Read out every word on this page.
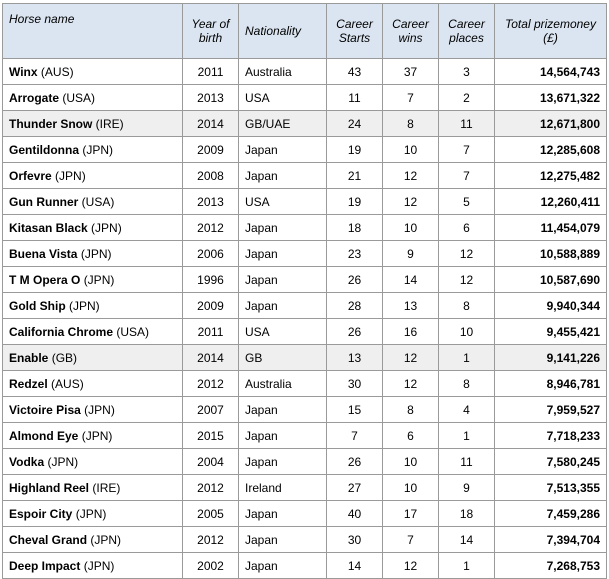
Horse name	Year of birth	Nationality	Career Starts	Career wins	Career places	Total prizemoney (£)
Winx (AUS)	2011	Australia	43	37	3	14,564,743
Arrogate (USA)	2013	USA	11	7	2	13,671,322
Thunder Snow (IRE)	2014	GB/UAE	24	8	11	12,671,800
Gentildonna (JPN)	2009	Japan	19	10	7	12,285,608
Orfevre (JPN)	2008	Japan	21	12	7	12,275,482
Gun Runner (USA)	2013	USA	19	12	5	12,260,411
Kitasan Black (JPN)	2012	Japan	18	10	6	11,454,079
Buena Vista (JPN)	2006	Japan	23	9	12	10,588,889
T M Opera O (JPN)	1996	Japan	26	14	12	10,587,690
Gold Ship (JPN)	2009	Japan	28	13	8	9,940,344
California Chrome (USA)	2011	USA	26	16	10	9,455,421
Enable (GB)	2014	GB	13	12	1	9,141,226
Redzel (AUS)	2012	Australia	30	12	8	8,946,781
Victoire Pisa (JPN)	2007	Japan	15	8	4	7,959,527
Almond Eye (JPN)	2015	Japan	7	6	1	7,718,233
Vodka (JPN)	2004	Japan	26	10	11	7,580,245
Highland Reel (IRE)	2012	Ireland	27	10	9	7,513,355
Espoir City (JPN)	2005	Japan	40	17	18	7,459,286
Cheval Grand (JPN)	2012	Japan	30	7	14	7,394,704
Deep Impact (JPN)	2002	Japan	14	12	1	7,268,753
